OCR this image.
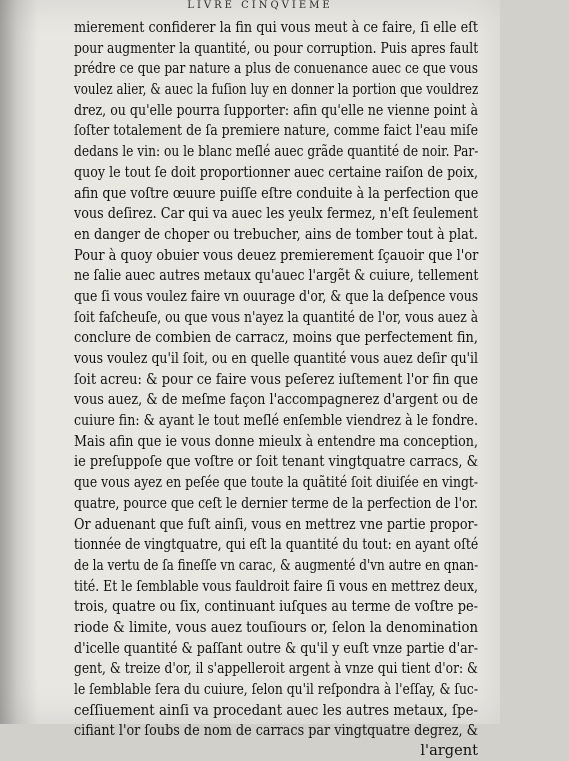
LIVRE CINQVIEME
mierement confiderer la fin qui vous meut à ce faire, ſi elle eſt pour augmenter la quantité, ou pour corruption. Puis apres fault prédre ce que par nature a plus de conuenance auec ce que vous voulez alier, & auec la fuſion luy en donner la portion que vouldrez drez, ou qu'elle pourra ſupporter: afin qu'elle ne vienne point à ſoſter totalement de ſa premiere nature, comme faict l'eau miſe dedans le vin: ou le blanc meſlé auec grãde quantité de noir. Par- quoy le tout ſe doit proportionner auec certaine raiſon de poix, afin que voſtre œuure puiſſe eſtre conduite à la perfection que vous deſirez. Car qui va auec les yeulx fermez, n'eſt ſeulement en danger de choper ou trebucher, ains de tomber tout à plat. Pour à quoy obuier vous deuez premierement ſçauoir que l'or ne ſalie auec autres metaux qu'auec l'argẽt & cuiure, tellement que ſi vous voulez faire vn ouurage d'or, & que la deſpence vous ſoit faſcheuſe, ou que vous n'ayez la quantité de l'or, vous auez à conclure de combien de carracz, moins que perfectement fin, vous voulez qu'il ſoit, ou en quelle quantité vous auez deſir qu'il ſoit acreu: & pour ce faire vous peſerez iuſtement l'or fin que vous auez, & de meſme façon l'accompagnerez d'argent ou de cuiure fin: & ayant le tout meſlé enſemble viendrez à le fondre. Mais afin que ie vous donne mieulx à entendre ma conception, ie preſuppoſe que voſtre or ſoit tenant vingtquatre carracs, & que vous ayez en peſée que toute la quãtité ſoit diuiſée en vingt- quatre, pource que ceſt le dernier terme de la perfection de l'or. Or aduenant que fuſt ainſi, vous en mettrez vne partie propor- tionnée de vingtquatre, qui eſt la quantité du tout: en ayant oſté de la vertu de ſa fineſſe vn carac, & augmenté d'vn autre en qnan- tité. Et le ſemblable vous fauldroit faire ſi vous en mettrez deux, trois, quatre ou ſix, continuant iuſques au terme de voſtre pe- riode & limite, vous auez touſiours or, ſelon la denomination d'icelle quantité & paſſant outre & qu'il y euſt vnze partie d'ar- gent, & treize d'or, il s'appelleroit argent à vnze qui tient d'or: & le ſemblable ſera du cuiure, ſelon qu'il reſpondra à l'eſſay, & ſuc- ceſſiuement ainſi va procedant auec les autres metaux, ſpe- cifiant l'or ſoubs de nom de carracs par vingtquatre degrez, &
l'argent
